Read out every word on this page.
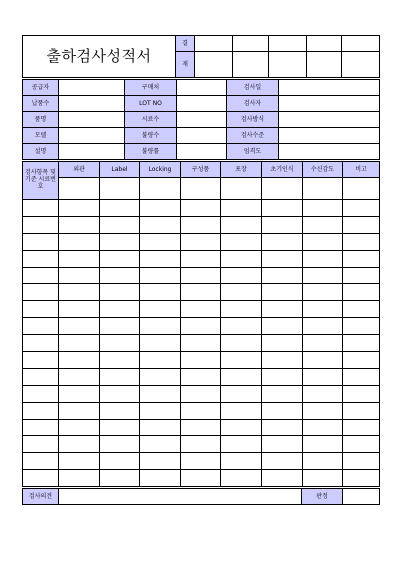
출하검사성적서	결					
	재					
공급자		구매처		검사일	
납품수		LOT NO		검사자	
품명		시료수		검사방식	
모델		불량수		검사수준	
설명		불량률		엄격도	
검사항목 및 기준 시료번호	외관	Label	Locking	구성품	포장	초기인식	수신감도	비고

검사의견		판정	
